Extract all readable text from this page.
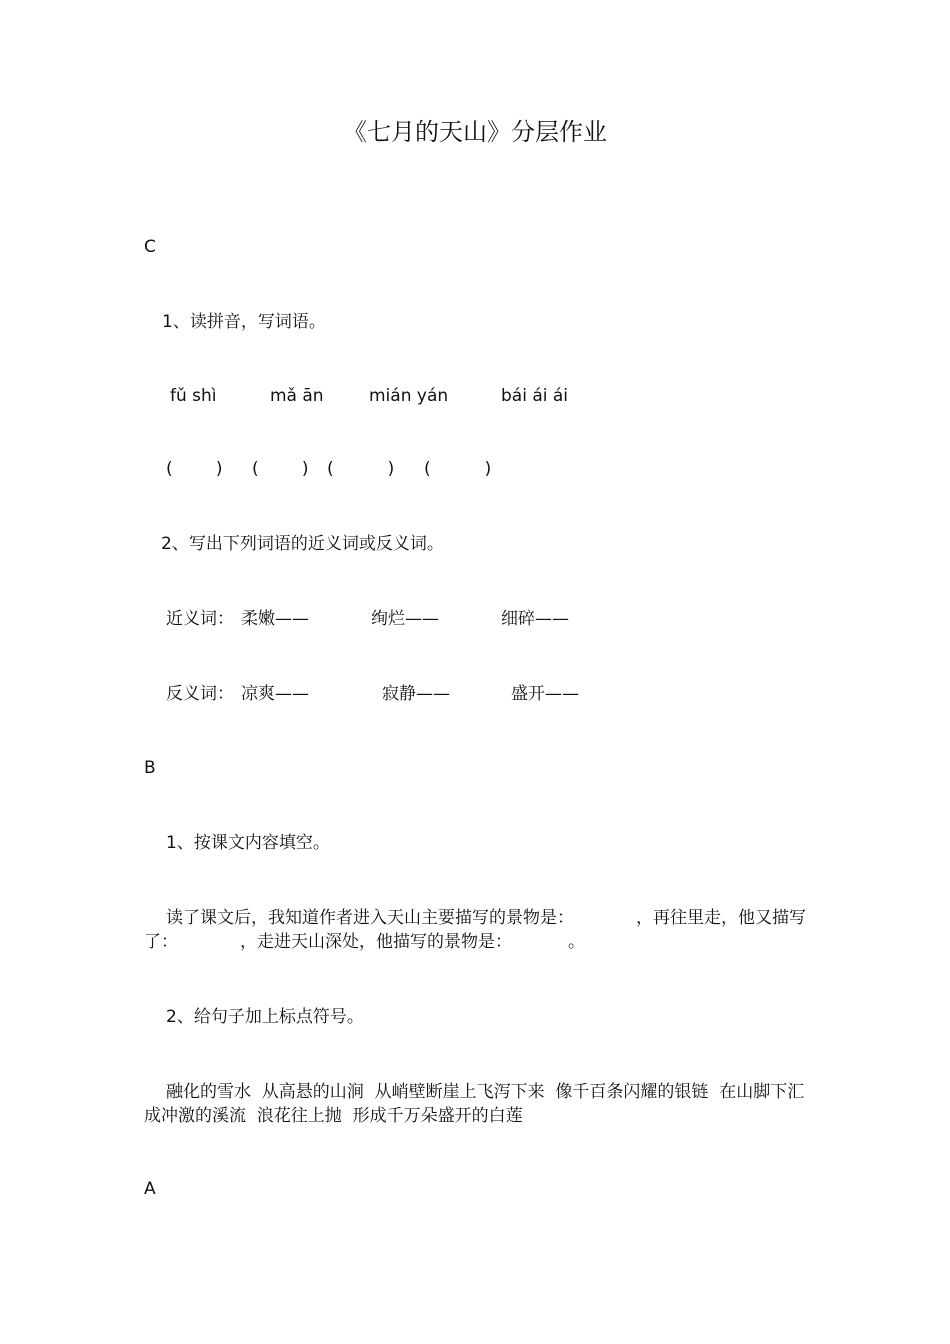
《七月的天山》分层作业
C
1、读拼音，写词语。
fǔ shì	mǎ ān	mián yán	bái ái ái
(        ) (        ) (          ) (          )
2、写出下列词语的近义词或反义词。
近义词： 柔嫩——	绚烂——	细碎——
反义词： 凉爽——	寂静——	盛开——
B
1、按课文内容填空。
读了课文后，我知道作者进入天山主要描写的景物是：	，再往里走，他又描写了：	，走进天山深处，他描写的景物是：	。
2、给句子加上标点符号。
融化的雪水  从高悬的山涧  从峭壁断崖上飞泻下来  像千百条闪耀的银链  在山脚下汇成冲激的溪流  浪花往上抛  形成千万朵盛开的白莲
A
